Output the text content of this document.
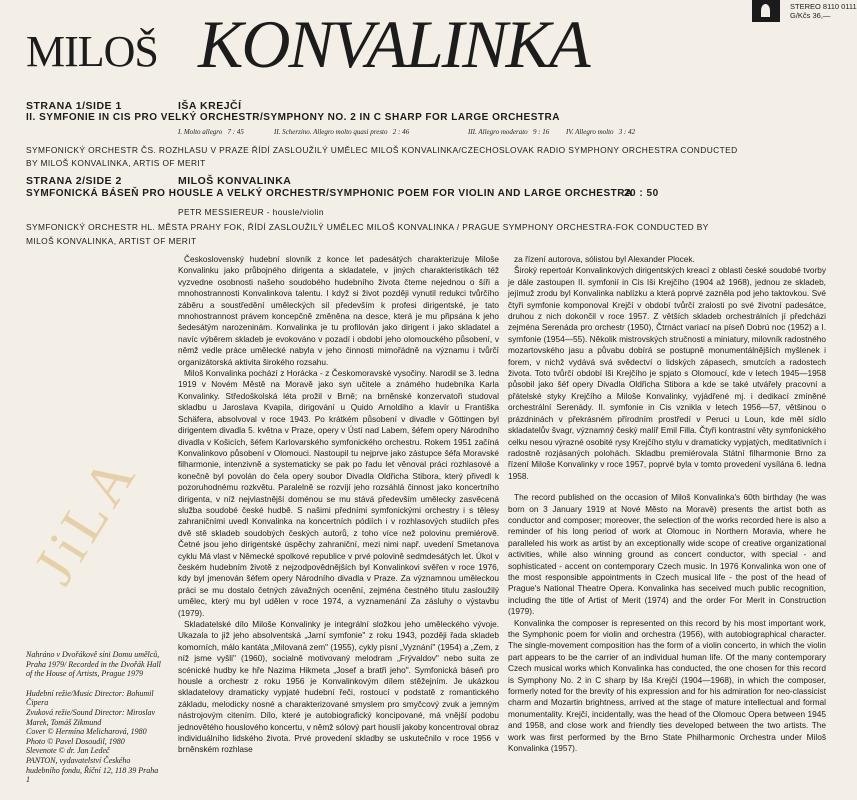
STEREO 8110 0111
G/Kčs 36,—
MILOŠ KONVALINKA
STRANA 1/SIDE 1	IŠA KREJČÍ
II. SYMFONIE IN CIS PRO VELKÝ ORCHESTR/SYMPHONY NO. 2 IN C SHARP FOR LARGE ORCHESTRA
I. Molto allegro 7 : 45	II. Scherzino. Allegro molto quasi presto 2 : 46	III. Allegro moderato 9 : 16 IV. Allegro molto 3 : 42
SYMFONICKÝ ORCHESTR ČS. ROZHLASU V PRAZE ŘÍDÍ ZASLOUŽILÝ UMĚLEC MILOŠ KONVALINKA/CZECHOSLOVAK RADIO SYMPHONY ORCHESTRA CONDUCTED
BY MILOŠ KONVALINKA, ARTIS OF MERIT
STRANA 2/SIDE 2	MILOŠ KONVALINKA
SYMFONICKÁ BÁSEŇ PRO HOUSLE A VELKÝ ORCHESTR/SYMPHONIC POEM FOR VIOLIN AND LARGE ORCHESTRA
20 : 50
PETR MESSIEREUR - housle/violin
SYMFONICKÝ ORCHESTR HL. MĚSTA PRAHY FOK, ŘÍDÍ ZASLOUŽILÝ UMĚLEC MILOŠ KONVALINKA / PRAGUE SYMPHONY ORCHESTRA-FOK CONDUCTED BY
MILOŠ KONVALINKA, ARTIST OF MERIT
JiLA
Nahráno v Dvořákově síni Domu umělců, Praha 1979/ Recorded in the Dvořák Hall of the House of Artists, Prague 1979
Hudební režie/Music Director: Bohumil Čipera
Zvuková režie/Sound Director: Miroslav Marek, Tomáš Zikmund
Cover © Hermína Melicharová, 1980
Photo © Pavel Dosoudil, 1980
Slevenote © dr. Jan Ledeč
PANTON, vydavatelství Českého hudebního fondu, Říční 12, 118 39 Praha 1

Československý hudební slovník z konce let padesátých charakterizuje Miloše Konvalinku jako průbojného dirigenta a skladatele, v jiných charakteristikách též vyzvedne osobnosti našeho soudobého hudebního života čteme nejednou o šíři a mnohostrannosti Konvalinkova talentu. I když si život později vynutil redukci tvůrčího záběru a soustředění uměleckých sil především k profesi dirigentské, je tato mnohostrannost právem koncepčně změněna na desce, která je mu připsána k jeho šedesátým narozeninám. Konvalinka je tu profilován jako dirigent i jako skladatel a navíc výběrem skladeb je evokováno v pozadí i období jeho olomouckého působení, v němž vedle práce umělecké nabyla v jeho činnosti mimořádně na významu i tvůrčí organizátorská aktivita širokého rozsahu.

Miloš Konvalinka pochází z Horácka - z Českomoravské vysočiny. Narodil se 3. ledna 1919 v Novém Městě na Moravě jako syn učitele a známého hudebníka Karla Konvalinky. Středoškolská léta prožil v Brně; na brněnské konzervatoři studoval skladbu u Jaroslava Kvapila, dirigování u Quido Arnoldiho a klavír u Františka Schäfera, absolvoval v roce 1943. Po krátkém působení v divadle v Göttingen byl dirigentem divadla 5. května v Praze, opery v Ústí nad Labem, šéfem opery Národního divadla v Košicích, šéfem Karlovarského symfonického orchestru. Rokem 1951 začíná Konvalinkovo působení v Olomouci. Nastoupil tu nejprve jako zástupce šéfa Moravské filharmonie, intenzivně a systematicky se pak po řadu let věnoval práci rozhlasové a konečně byl povolán do čela opery soubor Divadla Oldřicha Stibora, který přivedl k pozoruhodnému rozkvětu. Paralelně se rozvíjí jeho rozsáhlá činnost jako koncertního dirigenta, v níž nejvlastnější doménou se mu stává především umělecky zasvěcená služba soudobé české hudbě. S našimi předními symfonickými orchestry i s tělesy zahraničními uvedl Konvalinka na koncertních pódiích i v rozhlasových studiích přes dvě stě skladeb soudobých českých autorů, z toho více než polovinu premiérově. Četné jsou jeho dirigentské úspěchy zahraniční, mezi nimi např. uvedení Smetanova cyklu Má vlast v Německé spolkové republice v prvé polovině sedmdesátých let. Úkol v českém hudebním životě z nejzodpovědnějších byl Konvalinkovi svěřen v roce 1976, kdy byl jmenován šéfem opery Národního divadla v Praze. Za významnou uměleckou práci se mu dostalo četných závažných ocenění, zejména čestného titulu zasloužilý umělec, který mu byl udělen v roce 1974, a vyznamenání Za zásluhy o výstavbu (1979).

Skladatelské dílo Miloše Konvalinky je integrální složkou jeho uměleckého vývoje. Ukazala to již jeho absolventská „Jarní symfonie" z roku 1943, později řada skladeb komorních, málo kantáta „Milovaná zem" (1955), cykly písní „Vyznání" (1954) a „Zem, z níž jsme vyšli" (1960), socialně motivovaný melodram „Frývaldov" nebo suita ze scénické hudby ke hře Nazima Hikmeta „Josef a bratři jeho". Symfonická báseň pro housle a orchestr z roku 1956 je Konvalinkovým dílem stěžejním. Je ukázkou skladatelovy dramaticky vypjaté hudební řeči, rostoucí v podstatě z romantického základu, melodicky nosné a charakterizované smyslem pro smyčcový zvuk a jemným nástrojovým citením. Dílo, které je autobiografický koncipované, má vnější podobu jednovětého houslového koncertu, v němž sólový part houslí jakoby koncentroval obraz individuálního lidského života. Prvé provedení skladby se uskutečnilo v roce 1956 v brněnském rozhlase

za řízení autorova, sólistou byl Alexander Plocek.

Široký repertoár Konvalinkových dirigentských kreací z oblasti české soudobé tvorby je dále zastoupen II. symfonií in Cis Iši Krejčího (1904 až 1968), jednou ze skladeb, jejímuž zrodu byl Konvalinka nablízku a která poprvé zazněla pod jeho taktovkou. Své čtyři symfonie komponoval Krejčí v období tvůrčí zralosti po své životní padesátce, druhou z nich dokončil v roce 1957. Z větších skladeb orchestrálních jí předcházi zejména Serenáda pro orchestr (1950), Čtrnáct variací na píseň Dobrú noc (1952) a I. symfonie (1954—55). Několik mistrovských stručnosti a miniatury, milovník radostného mozartovského jasu a půvabu dobírá se postupně monumentálnějších myšlenek i forem, v nichž vydává svá svědectví o lidských zápasech, smutcích a radostech života. Toto tvůrčí období Iši Krejčího je spjato s Olomoucí, kde v letech 1945—1958 působil jako šéf opery Divadla Oldřicha Stibora a kde se také utvářely pracovní a přátelské styky Krejčího a Miloše Konvalinky, vyjádřené mj. i dedikací zmíněné orchestrální Serenády. II. symfonie in Cis vznikla v letech 1956—57, většinou o prázdninách v překrásném přírodním prostředí v Peruci u Loun, kde měl sídlo skladatelův švagr, významný český malíř Emil Filla. Čtyři kontrastní věty symfonického celku nesou výrazné osobité rysy Krejčího stylu v dramaticky vypjatých, meditativních i radostně rozjásaných polohách. Skladbu premiérovala Státní filharmonie Brno za řízení Miloše Konvalinky v roce 1957, poprvé byla v tomto provedení vysílána 6. ledna 1958.

The record published on the occasion of Miloš Konvalinka's 60th birthday (he was born on 3 January 1919 at Nové Město na Moravě) presents the artist both as conductor and composer; moreover, the selection of the works recorded here is also a reminder of his long period of work at Olomouc in Northern Moravia, where he paralleled his work as artist by an exceptionally wide scope of creative organizational activities, while also winning ground as concert conductor, with special - and sophisticated - accent on contemporary Czech music. In 1976 Konvalinka won one of the most responsible appointments in Czech musical life - the post of the head of Prague's National Theatre Opera. Konvalinka has seceived much public recognition, including the title of Artist of Merit (1974) and the order For Merit in Construction (1979).

Konvalinka the composer is represented on this record by his most important work, the Symphonic poem for violin and orchestra (1956), with autobiographical character. The single-movement composition has the form of a violin concerto, in which the violin part appears to be the carrier of an individual human life. Of the many contemporary Czech musical works which Konvalinka has conducted, the one chosen for this record is Symphony No. 2 in C sharp by Iša Krejčí (1904—1968), in which the composer, formerly noted for the brevity of his expression and for his admiration for neo-classicist charm and Mozartin brightness, arrived at the stage of mature intellectual and formal monumentality. Krejčí, incidentally, was the head of the Olomouc Opera between 1945 and 1958, and close work and friendly ties developed between the two artists. The work was first performed by the Brno State Philharmonic Orchestra under Miloš Konvalinka (1957).
